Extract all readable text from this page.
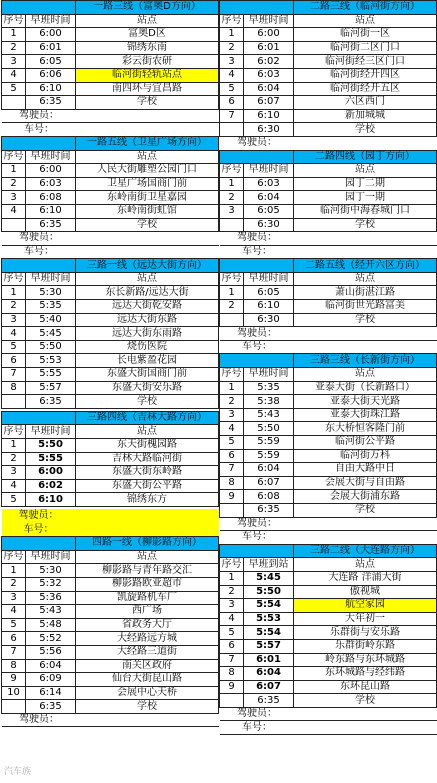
		一路三线（富奥D方向）
序号	早班时间	站点
1	6:00	富奥D区
2	6:01	锦绣东南
3	6:05	彩云街农研
4	6:06	临河街轻轨站点
5	6:10	南四环与宜昌路
	6:35	学校
驾驶员：		
车号：		
		一路五线（卫星广场方向）
序号	早班时间	站点
1	6:00	人民大街雕塑公园门口
2	6:03	卫星广场国商门前
3	6:08	东岭南街卫星嘉园
4	6:10	东岭南街虹馆
	6:35	学校
驾驶员：		
车号：		
		三路一线（远达大街方向）
序号	早班时间	站点
1	5:30	东长新路/远达大街
2	5:35	远达大街乾安路
3	5:40	远达大街东路
4	5:45	远达大街东雨路
5	5:50	烧伤医院
6	5:53	长电紫盈花园
7	5:55	东盛大街国商门前
8	5:57	东盛大街安乐路
	6:35	学校

		三路四线（吉林大路方向）
序号	早班时间	站点
1	5:50	东天街槐园路
2	5:55	吉林大路临河街
3	6:00	东盛大街东岭路
4	6:02	东盛大街公平路
5	6:10	锦绣东方

驾驶员：		
车号：		
		四路一线（柳影路方向）
序号	早班时间	站点
1	5:30	柳影路与青年路交汇
2	5:32	柳影路欧亚超市
3	5:36	凯旋路机车厂
4	5:43	西广场
5	5:48	省政务大厅
6	5:52	大经路远方城
7	5:56	大经路三道街
8	6:04	南关区政府
9	6:09	仙台大街昆山路
10	6:14	会展中心天桥
	6:35	学校
驾驶员：		
		二路三线（临河街方向）
序号	早班时间	站点
1	6:00	临河街一区
2	6:01	临河街二区门口
3	6:02	临河街经三区门口
4	6:03	临河街经开四区
5	6:04	临河街经开五区
6	6:07	六区西门
7	6:10	新加城城
	6:30	学校
驾驶员：		
		二路四线（园丁方向）
序号	早班时间	站点
1	6:03	园丁二期
2	6:04	园丁一期
3	6:05	临河街中海春城门口
	6:30	学校
驾驶员：		
车号：		
		二路五线（经开六区方向）
序号	早班时间	站点
1	6:05	萧山街湛江路
2	6:10	临河街世光路富美
	6:30	学校
驾驶员：		
车号：		
		三路三线（长新街方向）
序号	早班时间	站点
1	5:35	亚泰大街（长新路口）
2	5:38	亚泰大街天光路
3	5:43	亚泰大街珠江路
4	5:50	东大桥恒客隆门前
5	5:59	临河街公平路
6	5:59	临河街万科
7	6:04	自由大路中日
8	6:07	会展大街与自由路
9	6:08	会展大街浦东路
	6:35	学校
驾驶员：		
车号：		
		三路二线（大连路方向）
序号	早班到站	站点
1	5:45	大连路 洋浦大街
2	5:50	傲视城
3	5:54	航空家园
4	5:53	大年初一
5	5:54	乐群街与安乐路
6	5:57	乐群街岭东路
7	6:01	岭东路与东环城路
8	6:04	东环城路与经纬路
9	6:07	东环昆山路
	6:35	学校
驾驶员：		
车号：		
汽车族
